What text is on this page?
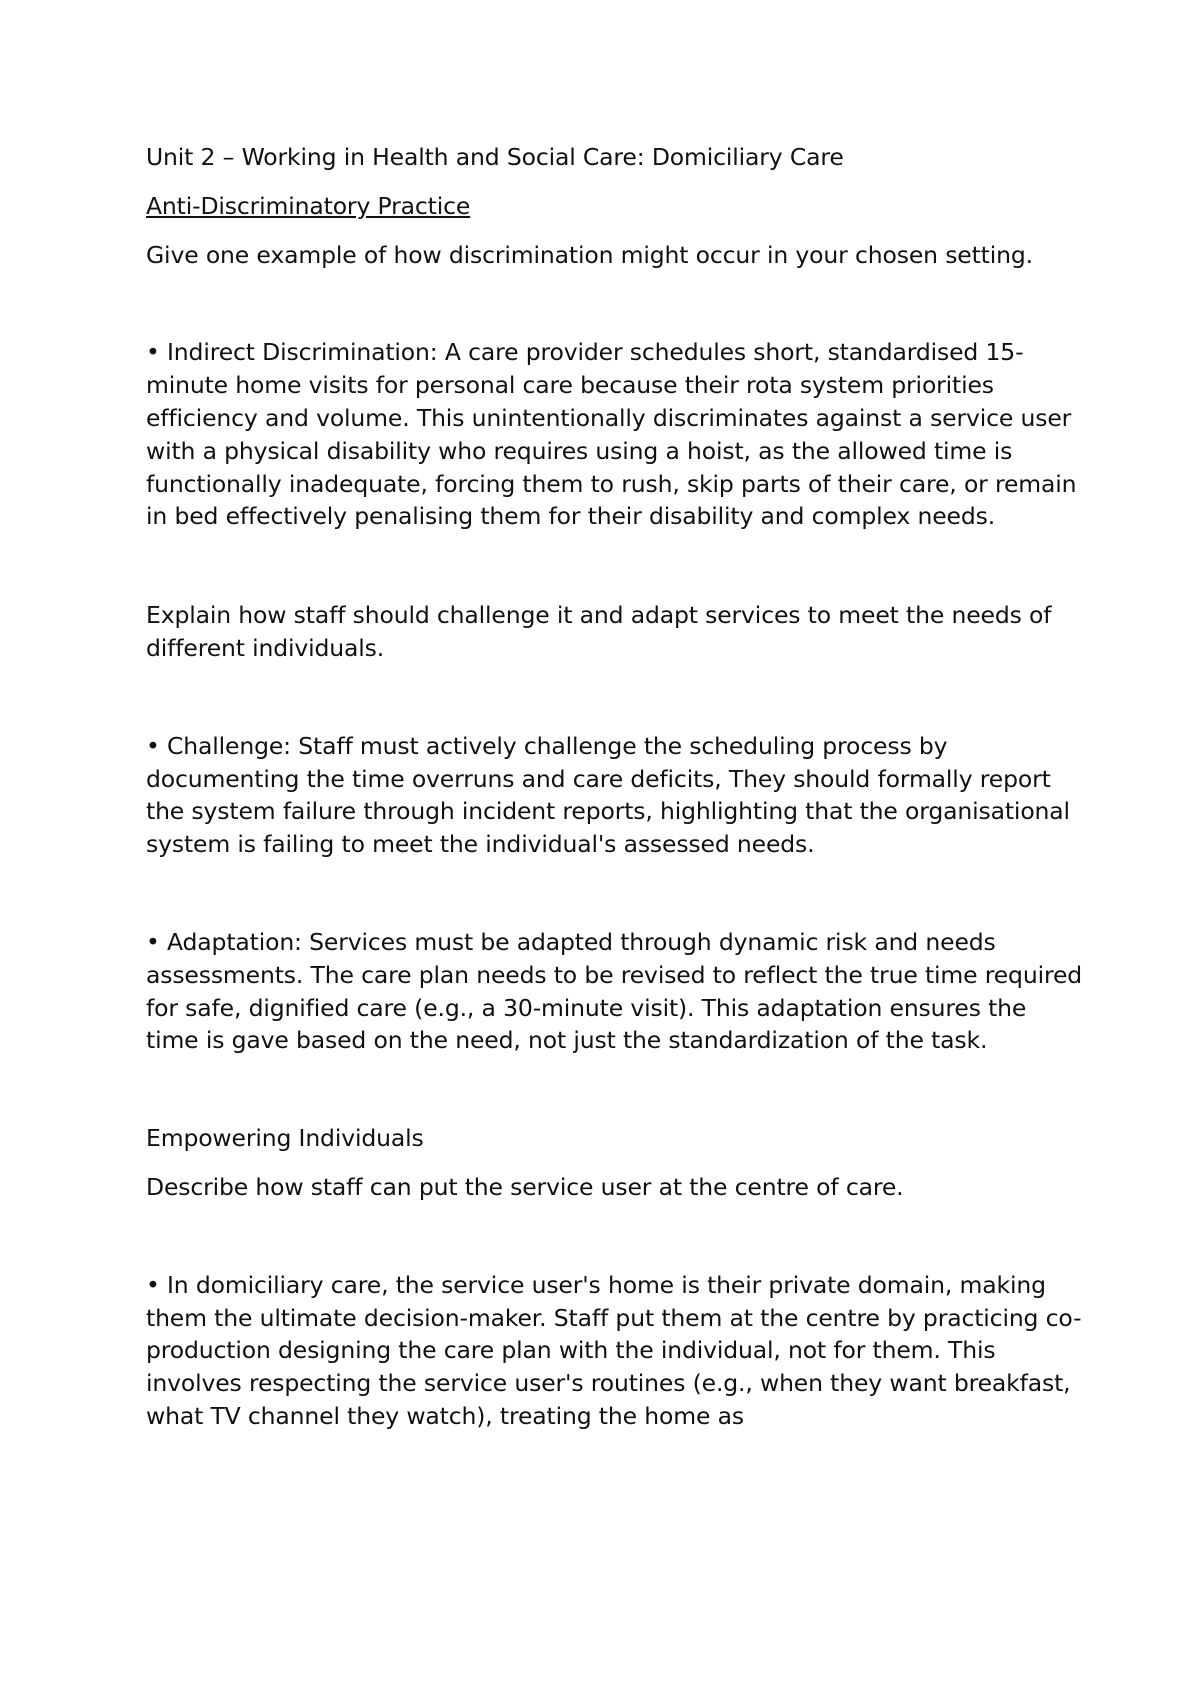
Unit 2 – Working in Health and Social Care: Domiciliary Care

Anti-Discriminatory Practice

Give one example of how discrimination might occur in your chosen setting.

• Indirect Discrimination: A care provider schedules short, standardised 15-minute home visits for personal care because their rota system priorities efficiency and volume. This unintentionally discriminates against a service user with a physical disability who requires using a hoist, as the allowed time is functionally inadequate, forcing them to rush, skip parts of their care, or remain in bed effectively penalising them for their disability and complex needs.

Explain how staff should challenge it and adapt services to meet the needs of different individuals.

• Challenge: Staff must actively challenge the scheduling process by documenting the time overruns and care deficits, They should formally report the system failure through incident reports, highlighting that the organisational system is failing to meet the individual's assessed needs.

• Adaptation: Services must be adapted through dynamic risk and needs assessments. The care plan needs to be revised to reflect the true time required for safe, dignified care (e.g., a 30-minute visit). This adaptation ensures the time is gave based on the need, not just the standardization of the task.

Empowering Individuals

Describe how staff can put the service user at the centre of care.

• In domiciliary care, the service user's home is their private domain, making them the ultimate decision-maker. Staff put them at the centre by practicing co-production designing the care plan with the individual, not for them. This involves respecting the service user's routines (e.g., when they want breakfast, what TV channel they watch), treating the home as
